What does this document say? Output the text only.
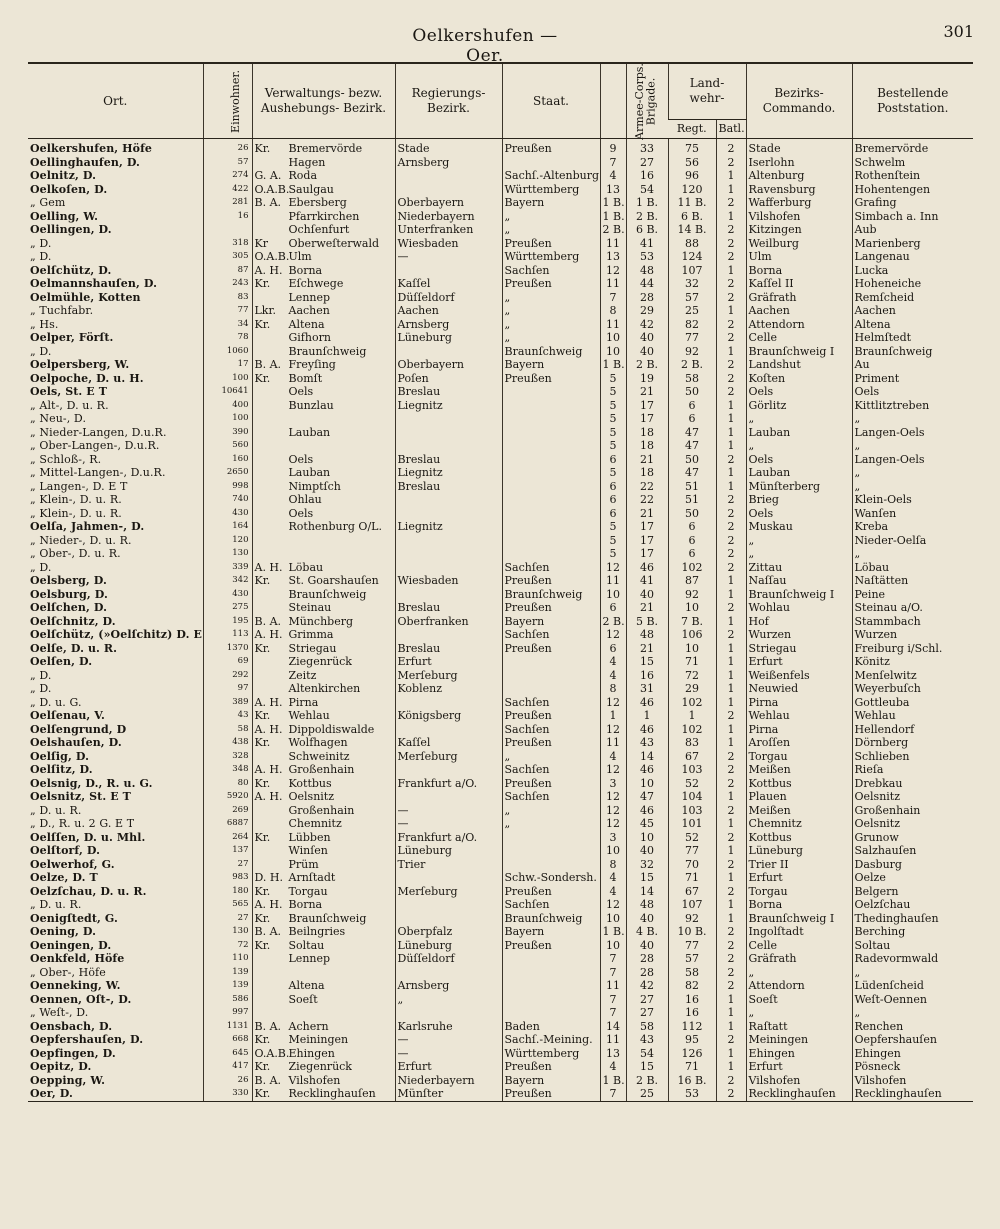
Oelkershufen — Oer.
301
Ort.	Einwohner.	Verwaltungs- bezw. Aushebungs- Bezirk.	Regierungs- Bezirk.	Staat.	Armee-Corps.	Brigade.	Land- wehr-		Bezirks- Commando.	Bestellende Poststation.
							Regt.	Batl.		
Oelkershufen, Höfe	26	Kr. Bremervörde	Stade	Preußen	9	33	75	2	Stade	Bremervörde
Oellinghaufen, D.	57	Hagen	Arnsberg		7	27	56	2	Iserlohn	Schwelm
Oelnitz, D.	274	G. A. Roda		Sachſ.-Altenburg	4	16	96	1	Altenburg	Rothenſtein
Oelkoſen, D.	422	O.A.B.Saulgau		Württemberg	13	54	120	1	Ravensburg	Hohentengen
„ Gem	281	B. A. Ebersberg	Oberbayern	Bayern	1 B.	1 B.	11 B.	2	Wafferburg	Grafing
Oelling, W.	16	Pfarrkirchen	Niederbayern	„	1 B.	2 B.	6 B.	1	Vilshofen	Simbach a. Inn
Oellingen, D.		Ochſenfurt	Unterfranken	„	2 B.	6 B.	14 B.	2	Kitzingen	Aub
„ D.	318	Kr Oberweſterwald	Wiesbaden	Preußen	11	41	88	2	Weilburg	Marienberg
„ D.	305	O.A.B.Ulm	—	Württemberg	13	53	124	2	Ulm	Langenau
Oelſchütz, D.	87	A. H. Borna		Sachſen	12	48	107	1	Borna	Lucka
Oelmannshauſen, D.	243	Kr. Eſchwege	Kaſſel	Preußen	11	44	32	2	Kaſſel II	Hoheneiche
Oelmühle, Kotten	83	Lennep	Düſſeldorf	„	7	28	57	2	Gräfrath	Remſcheid
„ Tuchfabr.	77	Lkr. Aachen	Aachen	„	8	29	25	1	Aachen	Aachen
„ Hs.	34	Kr. Altena	Arnsberg	„	11	42	82	2	Attendorn	Altena
Oelper, Förſt.	78	Gifhorn	Lüneburg	„	10	40	77	2	Celle	Helmſtedt
„ D.	1060	Braunſchweig		Braunſchweig	10	40	92	1	Braunſchweig I	Braunſchweig
Oelpersberg, W.	17	B. A. Freyſing	Oberbayern	Bayern	1 B.	2 B.	2 B.	2	Landshut	Au
Oelpoche, D. u. H.	100	Kr. Bomſt	Poſen	Preußen	5	19	58	2	Koſten	Priment
Oels, St. E T	10641	Oels	Breslau		5	21	50	2	Oels	Oels
„ Alt-, D. u. R.	400	Bunzlau	Liegnitz		5	17	6	1	Görlitz	Kittlitztreben
„ Neu-, D.	100				5	17	6	1	„	„
„ Nieder-Langen, D.u.R.	390	Lauban			5	18	47	1	Lauban	Langen-Oels
„ Ober-Langen-, D.u.R.	560				5	18	47	1	„	„
„ Schloß-, R.	160	Oels	Breslau		6	21	50	2	Oels	Langen-Oels
„ Mittel-Langen-, D.u.R.	2650	Lauban	Liegnitz		5	18	47	1	Lauban	„
„ Langen-, D. E T	998	Nimptſch	Breslau		6	22	51	1	Münſterberg	„
„ Klein-, D. u. R.	740	Ohlau			6	22	51	2	Brieg	Klein-Oels
„ Klein-, D. u. R.	430	Oels			6	21	50	2	Oels	Wanſen
Oelſa, Jahmen-, D.	164	Rothenburg O/L.	Liegnitz		5	17	6	2	Muskau	Kreba
„ Nieder-, D. u. R.	120				5	17	6	2	„	Nieder-Oelſa
„ Ober-, D. u. R.	130				5	17	6	2	„	„
„ D.	339	A. H. Löbau		Sachſen	12	46	102	2	Zittau	Löbau
Oelsberg, D.	342	Kr. St. Goarshauſen	Wiesbaden	Preußen	11	41	87	1	Naſſau	Naſtätten
Oelsburg, D.	430	Braunſchweig		Braunſchweig	10	40	92	1	Braunſchweig I	Peine
Oelſchen, D.	275	Steinau	Breslau	Preußen	6	21	10	2	Wohlau	Steinau a/O.
Oelſchnitz, D.	195	B. A. Münchberg	Oberfranken	Bayern	2 B.	5 B.	7 B.	1	Hof	Stammbach
Oelſchütz, (»Oelſchitz) D. E	113	A. H. Grimma		Sachſen	12	48	106	2	Wurzen	Wurzen
Oelſe, D. u. R.	1370	Kr. Striegau	Breslau	Preußen	6	21	10	1	Striegau	Freiburg i/Schl.
Oelſen, D.	69	Ziegenrück	Erfurt		4	15	71	1	Erfurt	Könitz
„ D.	292	Zeitz	Merſeburg		4	16	72	1	Weißenfels	Menſelwitz
„ D.	97	Altenkirchen	Koblenz		8	31	29	1	Neuwied	Weyerbuſch
„ D. u. G.	389	A. H. Pirna		Sachſen	12	46	102	1	Pirna	Gottleuba
Oelſenau, V.	43	Kr. Wehlau	Königsberg	Preußen	1	1	1	2	Wehlau	Wehlau
Oelſengrund, D	58	A. H. Dippoldiswalde		Sachſen	12	46	102	1	Pirna	Hellendorf
Oelshauſen, D.	438	Kr. Wolfhagen	Kaſſel	Preußen	11	43	83	1	Aroſſen	Dörnberg
Oelſig, D.	328	Schweinitz	Merſeburg	„	4	14	67	2	Torgau	Schlieben
Oelſitz, D.	348	A. H. Großenhain		Sachſen	12	46	103	2	Meißen	Rieſa
Oelsnig, D., R. u. G.	80	Kr. Kottbus	Frankfurt a/O.	Preußen	3	10	52	2	Kottbus	Drebkau
Oelsnitz, St. E T	5920	A. H. Oelsnitz		Sachſen	12	47	104	1	Plauen	Oelsnitz
„ D. u. R.	269	Großenhain	—	„	12	46	103	2	Meißen	Großenhain
„ D., R. u. 2 G. E T	6887	Chemnitz	—	„	12	45	101	1	Chemnitz	Oelsnitz
Oelſſen, D. u. Mhl.	264	Kr. Lübben	Frankfurt a/O.		3	10	52	2	Kottbus	Grunow
Oelſtorf, D.	137	Winſen	Lüneburg		10	40	77	1	Lüneburg	Salzhauſen
Oelwerhof, G.	27	Prüm	Trier		8	32	70	2	Trier II	Dasburg
Oelze, D. T	983	D. H. Arnſtadt		Schw.-Sondersh.	4	15	71	1	Erfurt	Oelze
Oelzſchau, D. u. R.	180	Kr. Torgau	Merſeburg	Preußen	4	14	67	2	Torgau	Belgern
„ D. u. R.	565	A. H. Borna		Sachſen	12	48	107	1	Borna	Oelzſchau
Oenigſtedt, G.	27	Kr. Braunſchweig		Braunſchweig	10	40	92	1	Braunſchweig I	Thedinghauſen
Oening, D.	130	B. A. Beilngries	Oberpfalz	Bayern	1 B.	4 B.	10 B.	2	Ingolſtadt	Berching
Oeningen, D.	72	Kr. Soltau	Lüneburg	Preußen	10	40	77	2	Celle	Soltau
Oenkfeld, Höfe	110	Lennep	Düſſeldorf		7	28	57	2	Gräfrath	Radevormwald
„ Ober-, Höfe	139				7	28	58	2	„	„
Oenneking, W.	139	Altena	Arnsberg		11	42	82	2	Attendorn	Lüdenſcheid
Oennen, Oſt-, D.	586	Soeſt	„		7	27	16	1	Soeſt	Weſt-Oennen
„ Weſt-, D.	997				7	27	16	1	„	„
Oensbach, D.	1131	B. A. Achern	Karlsruhe	Baden	14	58	112	1	Raſtatt	Renchen
Oepfershauſen, D.	668	Kr. Meiningen	—	Sachſ.-Meining.	11	43	95	2	Meiningen	Oepfershauſen
Oepfingen, D.	645	O.A.B.Ehingen	—	Württemberg	13	54	126	1	Ehingen	Ehingen
Oepitz, D.	417	Kr. Ziegenrück	Erfurt	Preußen	4	15	71	1	Erfurt	Pösneck
Oepping, W.	26	B. A. Vilshofen	Niederbayern	Bayern	1 B.	2 B.	16 B.	2	Vilshofen	Vilshofen
Oer, D.	330	Kr. Recklinghauſen	Münſter	Preußen	7	25	53	2	Recklinghauſen	Recklinghauſen
